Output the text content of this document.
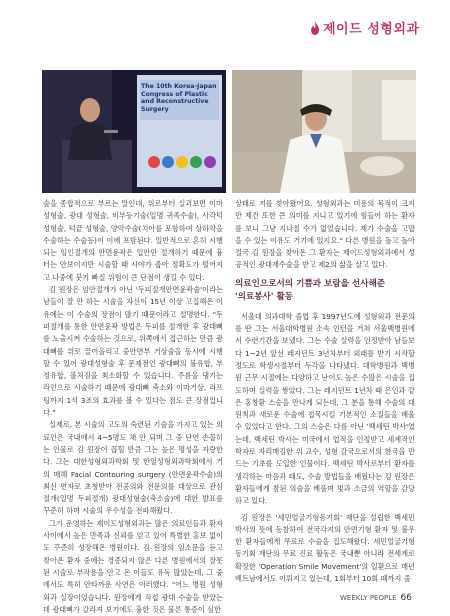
제이드 성형외과
The 10th Korea-Japan Congress of Plastic and Reconstructive Surgery

술을 종합적으로 부르는 말인데, 위로부터 실괴보면 이마 성형술, 광대 성형술, 비부등기술(일명 귀족수술), 사각턱 성형술, 턱끝 성형술, 양악수술(치아를 포함하여 상하악을 수술하는 수술등)이 이에 포함된다. 일반적으로 흔히 시행되는 임인절개의 안면윤곽은 입안만 절개하기 때문에 흉터는 안보이지만 시술할 때 시야가 좁아 정확도가 떨어지고 나중에 붓기 빠질 위험이 큰 단점이 생길 수 있다.

김 원장은 임안절개가 아닌 '두피절개안면윤곽술'이라는 남들이 잘 안 하는 시술을 자신이 15년 이상 고집해온 이유에는 이 수술의 장점이 많기 때문이라고 설명한다. "두피절개를 통한 안면윤곽 방법은 두피를 절개한 후 광대뼈를 노출시켜 수술하는 것으로, 위쪽에서 접근하는 만큼 광대뼈를 위로 끌어올리고 중안면부 거상술을 동시에 시행할 수 있어 광대성형술 후 문제점인 광대뼈의 불유합, 부정유합, 볼처짐을 최소화할 수 있습니다. 주름을 댕기는 라인으로 시술하기 때문에 광대뼈 축소와 이마거상, 리프팅까지 1석 3조의 효과를 볼 수 있다는 점도 큰 장점입니다."

실제로, 본 시술의 고도의 숙련된 기술을 가지고 있는 의료인은 국내에서 4~5명도 채 안 되며 그 중 단연 손꼽히는 인물로 김 원장이 꼽힐 만큼 그는 높은 명성을 자랑한다. 그는 대한성형외과학회 및 한일성형외과학회에서 거의 매해 Facial Contouring surgery (안면윤곽수술)의 최신 연자로 초청받아 전공의와 전문의를 대상으로 관심절개(일명 두피절개) 광대성형술(축소술)에 대한 발표를 꾸준히 하며 시술의 우수성을 전파해왔다.

그가 운영하는 제이드성형외과는 많은 의료인들과 환자 사이에서 높은 만족과 신뢰를 얻고 있어 특별한 홍보 없이도 꾸준히 성장해온 병원이다. 김 원장의 임소문을 듣고 찾아온 환자 중에는 경증되지 않은 다른 병원에서의 잘못된 시술로 부작용을 안고 온 이들도 유독 많았는데, 그 중에서도 특히 안타까운 사연은 이러했다. "어느 병원 성형외과 실장이었습니다. 원장에게 직접 광대 수술을 받았는데 광대뼈가 갈라져 보기에도 흉한 것은 물론 통증이 심한

상태로 저를 찾아왔어요. 성형외과는 미용의 목적이 크지만 제건 또한 큰 의미를 지니고 있기에 힘들어 하는 환자를 보니 그냥 지나칠 수가 없었습니다. 제가 수술을 고맙을 수 있는 이유도 거기에 있지요." 다른 병원을 돌고 돌아 결국 김 원장을 찾아온 그 환자는 제이드성형외과에서 성공적인 광대재수술을 받고 제2의 삶을 살고 있다.

의료인으로서의 기쁨과 보람을 선사해준
'의료봉사' 활동

서울대 의과대학 졸업 후 1997년도에 성형외과 전문의를 딴 그는 서울대학병원 소속 인턴을 거쳐 서울백병원에서 수련기간을 보냈다. 그는 수술 실력을 인정받아 남들보다 1~2년 앞선 레지던트 3년차부터 외래를 받기 시작할 정도로 학생시절부터 두각을 나타냈다. 대학병원과 백병원 근무 시절에는 다양하고 난이도 높은 수많은 시술을 집도하며 실력을 쌓았다. 그는 레지던트 1년차 때 은인과 같은 홍창환 스승을 만나게 되는데, 그 분을 통해 수술의 대원칙과 새로운 수술에 접목시킬 기본적인 소질들을 배울 수 있었다고 한다. 그의 스승은 다름 아닌 '백세틴 박사'였는데, 백세틴 박사는 미국에서 업적을 인정받고 세계적인 학자로 자리매김한 위 교수, 성형 감국으로서의 한국을 만드는 기초를 도입한 인물이다. 백세틴 박사로부터 환자를 생각하는 마음과 태도, 수술 방법들을 배웠다는 김 원장은 환자들에게 참된 의술을 베풀며 빛과 소금의 역할을 감당하고 있다.

김 원장은 '세민얼굴기형동기회' 재단을 설립한 백세민 박사의 뜻에 동참하여 전국각지의 안면기형 환자 및 불우한 환자들에게 무료로 수술을 집도해왔다. 세민얼굴기형동기회 재단의 무료 진료 활동은 국내뿐 아니라 전세계로 확장한 'Operation Smile Movement'의 일환으로 매년 베트남에서도 이뤄지고 있는데, 1회부터 10회 때까지 줄

WEEKLY PEOPLE 66
